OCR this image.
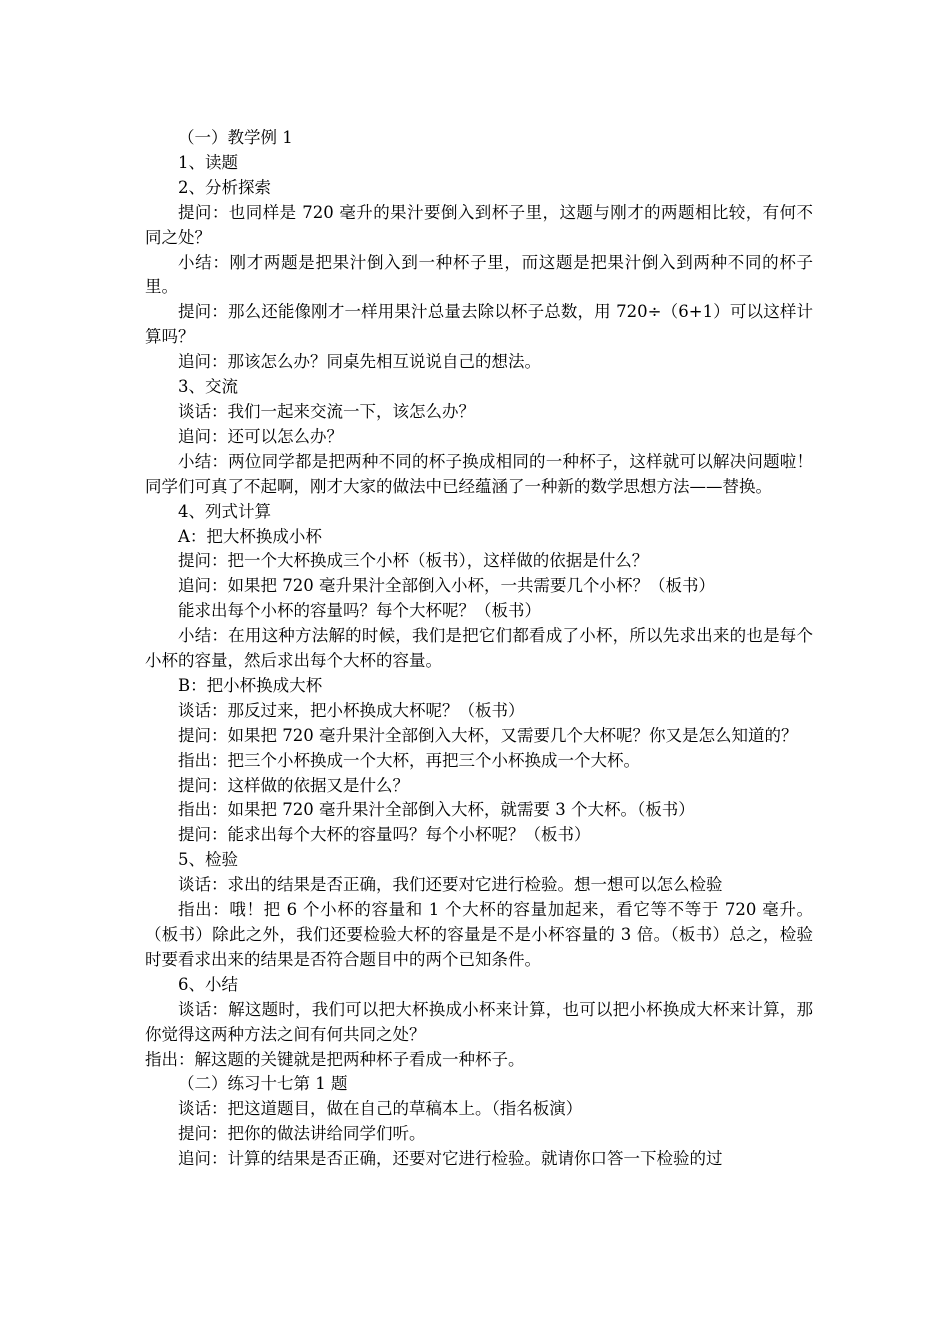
（一）教学例 1

1、读题

2、分析探索

提问：也同样是 720 毫升的果汁要倒入到杯子里，这题与刚才的两题相比较，有何不同之处？

小结：刚才两题是把果汁倒入到一种杯子里，而这题是把果汁倒入到两种不同的杯子里。

提问：那么还能像刚才一样用果汁总量去除以杯子总数，用 720÷（6+1）可以这样计算吗？

追问：那该怎么办？同桌先相互说说自己的想法。

3、交流

谈话：我们一起来交流一下，该怎么办？

追问：还可以怎么办？

小结：两位同学都是把两种不同的杯子换成相同的一种杯子，这样就可以解决问题啦！同学们可真了不起啊，刚才大家的做法中已经蕴涵了一种新的数学思想方法——替换。

4、列式计算

A：把大杯换成小杯

提问：把一个大杯换成三个小杯（板书），这样做的依据是什么？

追问：如果把 720 毫升果汁全部倒入小杯，一共需要几个小杯？（板书）

能求出每个小杯的容量吗？每个大杯呢？（板书）

小结：在用这种方法解的时候，我们是把它们都看成了小杯，所以先求出来的也是每个小杯的容量，然后求出每个大杯的容量。

B：把小杯换成大杯

谈话：那反过来，把小杯换成大杯呢？（板书）

提问：如果把 720 毫升果汁全部倒入大杯，又需要几个大杯呢？你又是怎么知道的？

指出：把三个小杯换成一个大杯，再把三个小杯换成一个大杯。

提问：这样做的依据又是什么？

指出：如果把 720 毫升果汁全部倒入大杯，就需要 3 个大杯。（板书）

提问：能求出每个大杯的容量吗？每个小杯呢？（板书）

5、检验

谈话：求出的结果是否正确，我们还要对它进行检验。想一想可以怎么检验

指出：哦！把 6 个小杯的容量和 1 个大杯的容量加起来，看它等不等于 720 毫升。（板书）除此之外，我们还要检验大杯的容量是不是小杯容量的 3 倍。（板书）总之，检验时要看求出来的结果是否符合题目中的两个已知条件。

6、小结

谈话：解这题时，我们可以把大杯换成小杯来计算，也可以把小杯换成大杯来计算，那你觉得这两种方法之间有何共同之处？

指出：解这题的关键就是把两种杯子看成一种杯子。

（二）练习十七第 1 题

谈话：把这道题目，做在自己的草稿本上。（指名板演）

提问：把你的做法讲给同学们听。

追问：计算的结果是否正确，还要对它进行检验。就请你口答一下检验的过
